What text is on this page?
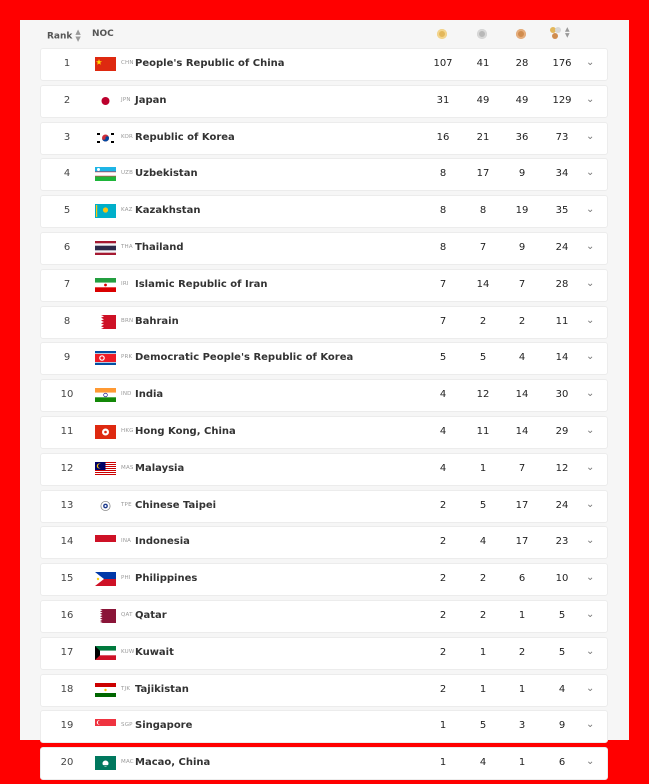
Rank ▲
▼ NOC	▲
▼
1	CHN People's Republic of China	107	41	28	176	⌄
2	JPN Japan	31	49	49	129	⌄
3	KOR Republic of Korea	16	21	36	73	⌄
4	UZB Uzbekistan	8	17	9	34	⌄
5	KAZ Kazakhstan	8	8	19	35	⌄
6	THA Thailand	8	7	9	24	⌄
7	IRI Islamic Republic of Iran	7	14	7	28	⌄
8	BRN Bahrain	7	2	2	11	⌄
9	PRK Democratic People's Republic of Korea	5	5	4	14	⌄
10	IND India	4	12	14	30	⌄
11	HKG Hong Kong, China	4	11	14	29	⌄
12	MAS Malaysia	4	1	7	12	⌄
13	TPE Chinese Taipei	2	5	17	24	⌄
14	INA Indonesia	2	4	17	23	⌄
15	PHI Philippines	2	2	6	10	⌄
16	QAT Qatar	2	2	1	5	⌄
17	KUW Kuwait	2	1	2	5	⌄
18	TJK Tajikistan	2	1	1	4	⌄
19	SGP Singapore	1	5	3	9	⌄
20	MAC Macao, China	1	4	1	6	⌄
